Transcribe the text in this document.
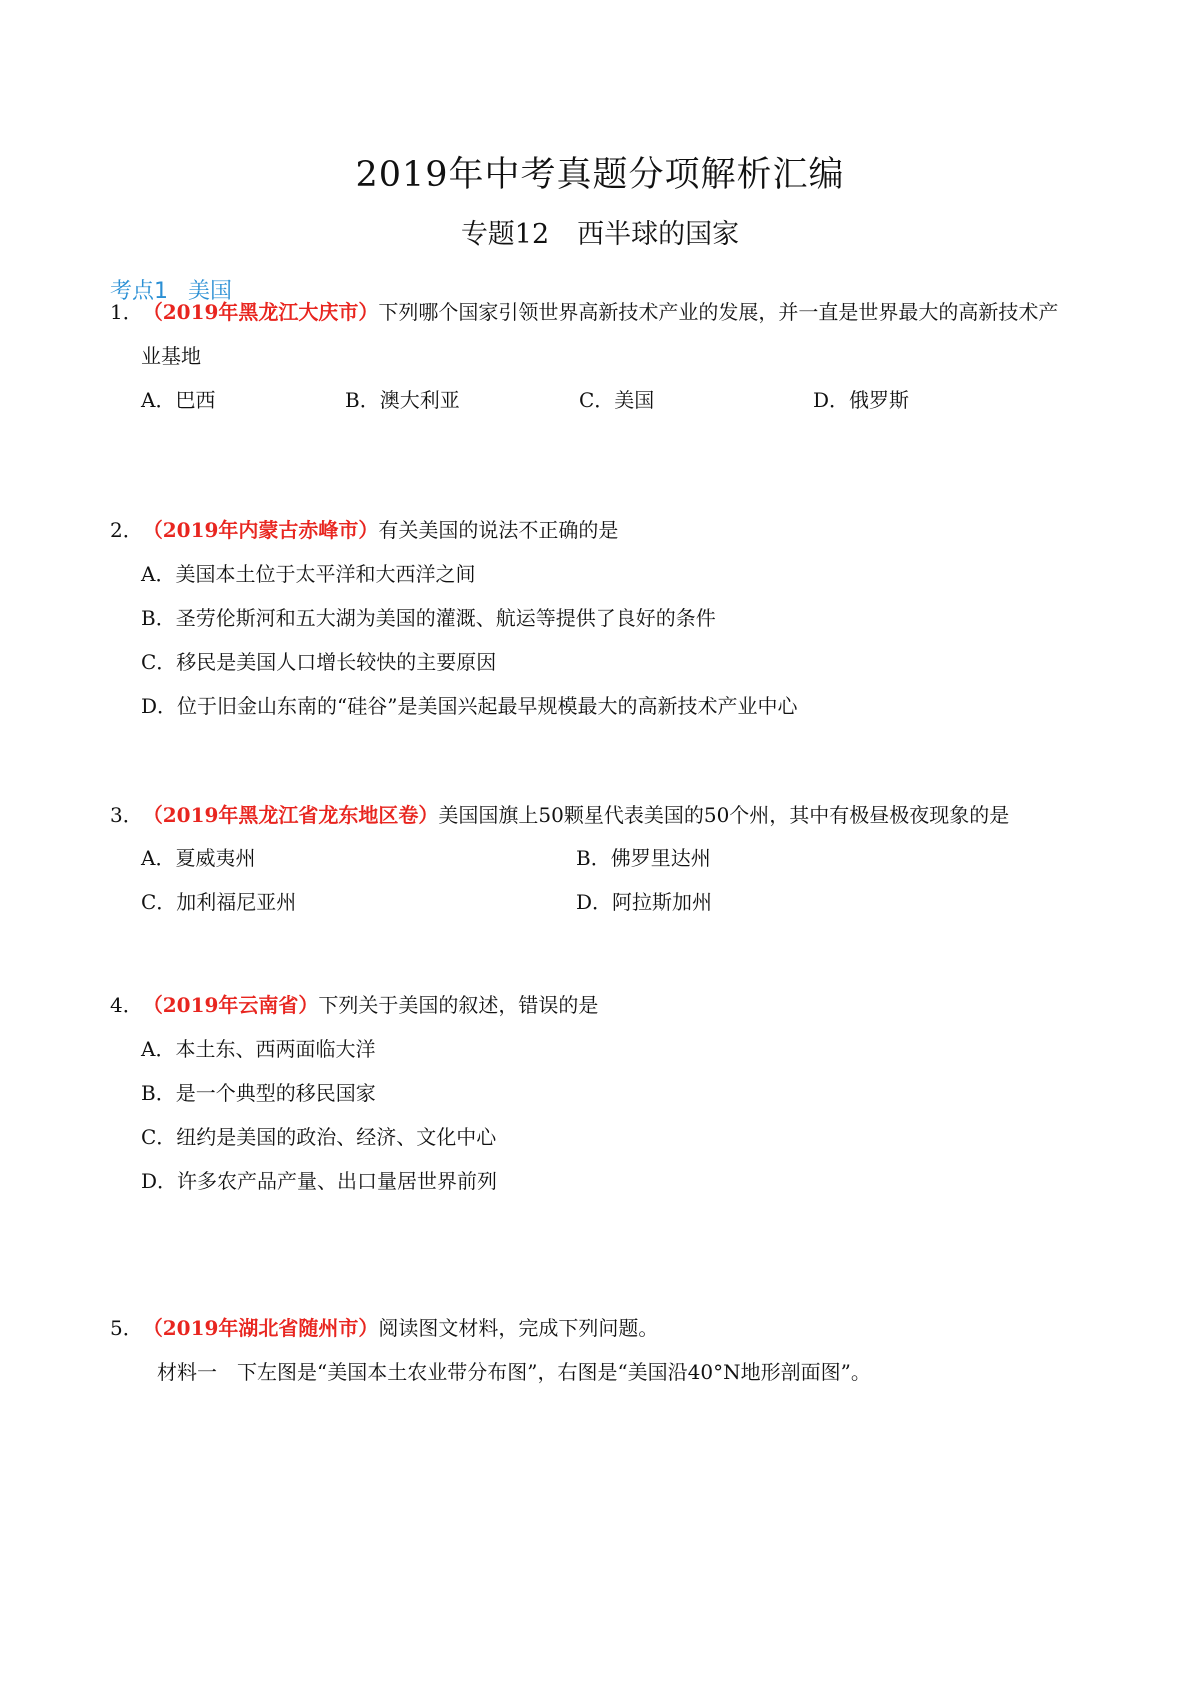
2019年中考真题分项解析汇编
专题12 西半球的国家
考点1 美国
1．（2019年黑龙江大庆市）下列哪个国家引领世界高新技术产业的发展，并一直是世界最大的高新技术产
业基地
A．巴西	B．澳大利亚	C．美国	D．俄罗斯
2．（2019年内蒙古赤峰市）有关美国的说法不正确的是
A．美国本土位于太平洋和大西洋之间
B．圣劳伦斯河和五大湖为美国的灌溉、航运等提供了良好的条件
C．移民是美国人口增长较快的主要原因
D．位于旧金山东南的“硅谷”是美国兴起最早规模最大的高新技术产业中心
3．（2019年黑龙江省龙东地区卷）美国国旗上50颗星代表美国的50个州，其中有极昼极夜现象的是
A．夏威夷州	B．佛罗里达州
C．加利福尼亚州	D．阿拉斯加州
4．（2019年云南省）下列关于美国的叙述，错误的是
A．本土东、西两面临大洋
B．是一个典型的移民国家
C．纽约是美国的政治、经济、文化中心
D．许多农产品产量、出口量居世界前列
5．（2019年湖北省随州市）阅读图文材料，完成下列问题。
材料一 下左图是“美国本土农业带分布图”，右图是“美国沿40°N地形剖面图”。
